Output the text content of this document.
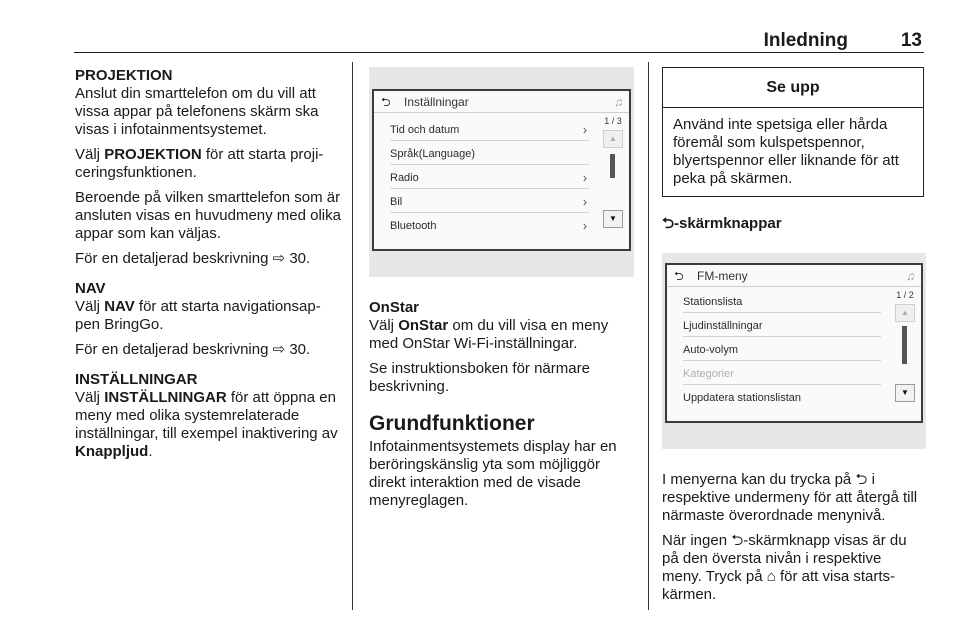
Inledning	13
PROJEKTION
Anslut din smarttelefon om du vill att vissa appar på telefonens skärm ska visas i infotainmentsystemet.
Välj PROJEKTION för att starta proji-ceringsfunktionen.
Beroende på vilken smarttelefon som är ansluten visas en huvudmeny med olika appar som kan väljas.
För en detaljerad beskrivning ⇨ 30.
NAV
Välj NAV för att starta navigationsap-pen BringGo.
För en detaljerad beskrivning ⇨ 30.
INSTÄLLNINGAR
Välj INSTÄLLNINGAR för att öppna en meny med olika systemrelaterade inställningar, till exempel inaktivering av Knappljud.
⮌ Inställningar	♫
Tid och datum	›
Språk(Language)
Radio	›
Bil	›
Bluetooth	›
1 / 3
▲
▼
OnStar
Välj OnStar om du vill visa en meny med OnStar Wi-Fi-inställningar.
Se instruktionsboken för närmare beskrivning.
Grundfunktioner
Infotainmentsystemets display har en beröringskänslig yta som möjliggör direkt interaktion med de visade menyreglagen.
Se upp
Använd inte spetsiga eller hårda föremål som kulspetspennor, blyertspennor eller liknande för att peka på skärmen.
⮌-skärmknappar
⮌ FM-meny	♫
Stationslista
Ljudinställningar
Auto-volym
Kategorier
Uppdatera stationslistan
1 / 2
▲
▼
I menyerna kan du trycka på ⮌ i respektive undermeny för att återgå till närmaste överordnade menynivå.
När ingen ⮌-skärmknapp visas är du på den översta nivån i respektive meny. Tryck på ⌂ för att visa starts-kärmen.
